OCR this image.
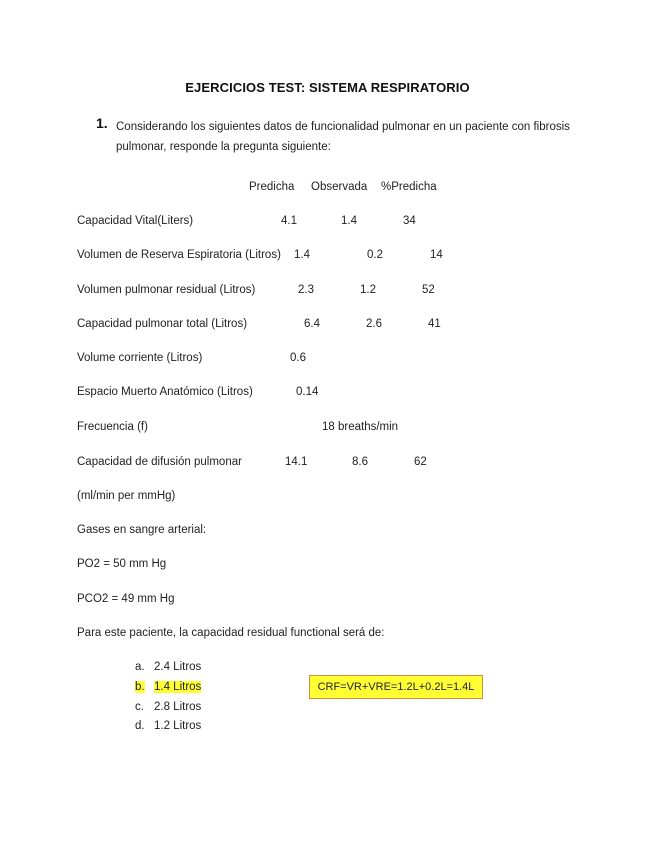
EJERCICIOS TEST: SISTEMA RESPIRATORIO
1. Considerando los siguientes datos de funcionalidad pulmonar en un paciente con fibrosis pulmonar, responde la pregunta siguiente:
Predicha Observada %Predicha
Capacidad Vital(Liters)	4.1	1.4	34
Volumen de Reserva Espiratoria (Litros) 1.4	0.2	14
Volumen pulmonar residual (Litros)	2.3	1.2	52
Capacidad pulmonar total (Litros)	6.4	2.6	41
Volume corriente (Litros)	0.6
Espacio Muerto Anatómico (Litros)	0.14
Frecuencia (f)	18 breaths/min
Capacidad de difusión pulmonar	14.1	8.6	62
(ml/min per mmHg)
Gases en sangre arterial:
PO2 = 50 mm Hg
PCO2 = 49 mm Hg
Para este paciente, la capacidad residual functional será de:
a. 2.4 Litros
b. 1.4 Litros
c. 2.8 Litros
d. 1.2 Litros
CRF=VR+VRE=1.2L+0.2L=1.4L
